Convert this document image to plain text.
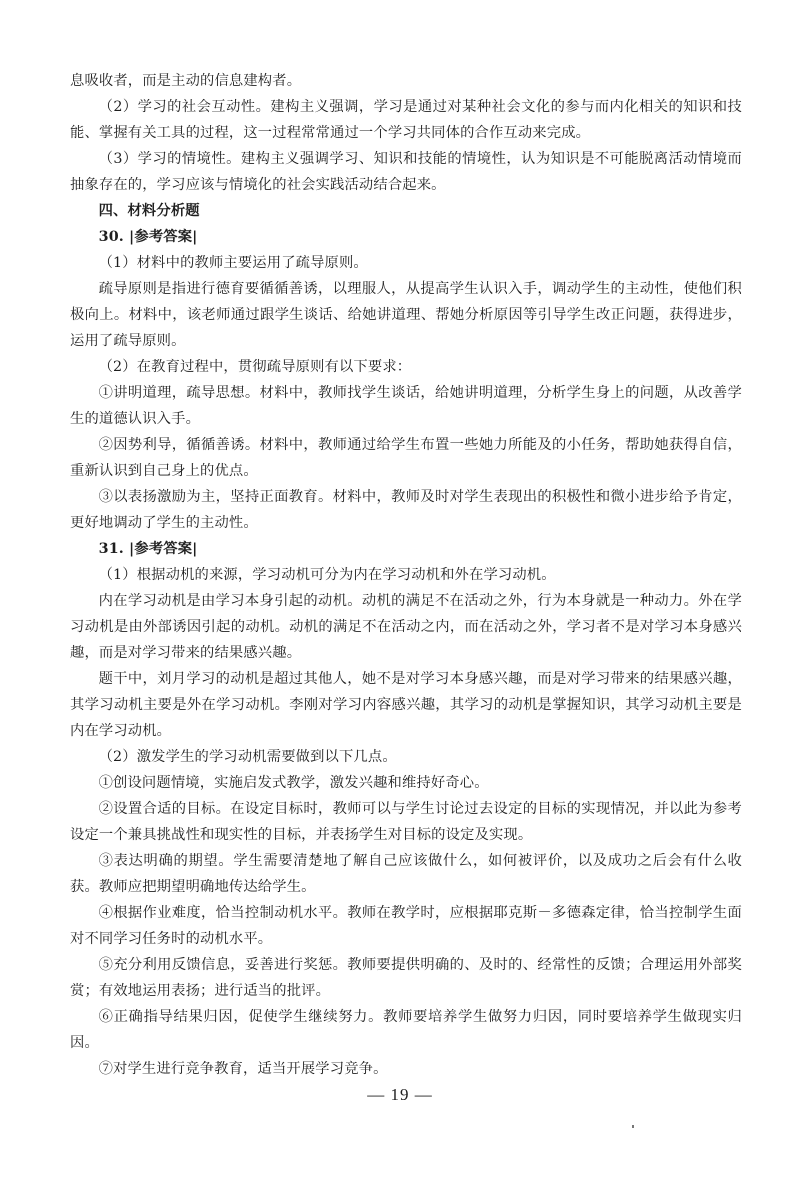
息吸收者，而是主动的信息建构者。

（2）学习的社会互动性。建构主义强调，学习是通过对某种社会文化的参与而内化相关的知识和技能、掌握有关工具的过程，这一过程常常通过一个学习共同体的合作互动来完成。

（3）学习的情境性。建构主义强调学习、知识和技能的情境性，认为知识是不可能脱离活动情境而抽象存在的，学习应该与情境化的社会实践活动结合起来。

四、材料分析题

30. |参考答案|

（1）材料中的教师主要运用了疏导原则。

疏导原则是指进行德育要循循善诱，以理服人，从提高学生认识入手，调动学生的主动性，使他们积极向上。材料中，该老师通过跟学生谈话、给她讲道理、帮她分析原因等引导学生改正问题，获得进步，运用了疏导原则。

（2）在教育过程中，贯彻疏导原则有以下要求：

①讲明道理，疏导思想。材料中，教师找学生谈话，给她讲明道理，分析学生身上的问题，从改善学生的道德认识入手。

②因势利导，循循善诱。材料中，教师通过给学生布置一些她力所能及的小任务，帮助她获得自信，重新认识到自己身上的优点。

③以表扬激励为主，坚持正面教育。材料中，教师及时对学生表现出的积极性和微小进步给予肯定，更好地调动了学生的主动性。

31. |参考答案|

（1）根据动机的来源，学习动机可分为内在学习动机和外在学习动机。

内在学习动机是由学习本身引起的动机。动机的满足不在活动之外，行为本身就是一种动力。外在学习动机是由外部诱因引起的动机。动机的满足不在活动之内，而在活动之外，学习者不是对学习本身感兴趣，而是对学习带来的结果感兴趣。

题干中，刘月学习的动机是超过其他人，她不是对学习本身感兴趣，而是对学习带来的结果感兴趣，其学习动机主要是外在学习动机。李刚对学习内容感兴趣，其学习的动机是掌握知识，其学习动机主要是内在学习动机。

（2）激发学生的学习动机需要做到以下几点。

①创设问题情境，实施启发式教学，激发兴趣和维持好奇心。

②设置合适的目标。在设定目标时，教师可以与学生讨论过去设定的目标的实现情况，并以此为参考设定一个兼具挑战性和现实性的目标，并表扬学生对目标的设定及实现。

③表达明确的期望。学生需要清楚地了解自己应该做什么，如何被评价，以及成功之后会有什么收获。教师应把期望明确地传达给学生。

④根据作业难度，恰当控制动机水平。教师在教学时，应根据耶克斯－多德森定律，恰当控制学生面对不同学习任务时的动机水平。

⑤充分利用反馈信息，妥善进行奖惩。教师要提供明确的、及时的、经常性的反馈；合理运用外部奖赏；有效地运用表扬；进行适当的批评。

⑥正确指导结果归因，促使学生继续努力。教师要培养学生做努力归因，同时要培养学生做现实归因。

⑦对学生进行竞争教育，适当开展学习竞争。

— 19 —
